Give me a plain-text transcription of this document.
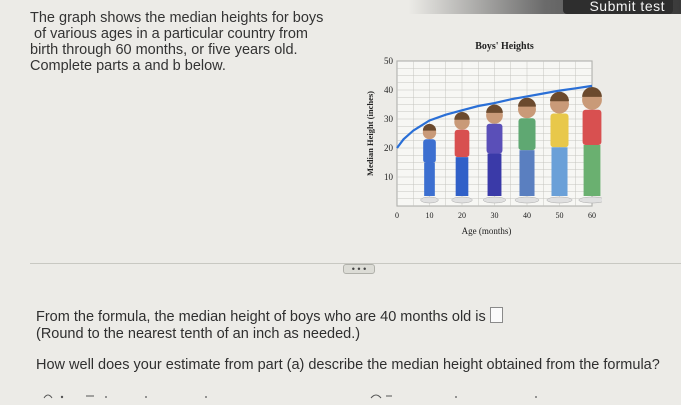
Submit test
The graph shows the median heights for boys
of various ages in a particular country from
birth through 60 months, or five years old.
Complete parts a and b below.
10
20
30
40
50
0	10	20	30	40	50	60
Boys' Heights
Age (months)
Median Height (inches)
• • •
From the formula, the median height of boys who are 40 months old is
(Round to the nearest tenth of an inch as needed.)
How well does your estimate from part (a) describe the median height obtained from the formula?
